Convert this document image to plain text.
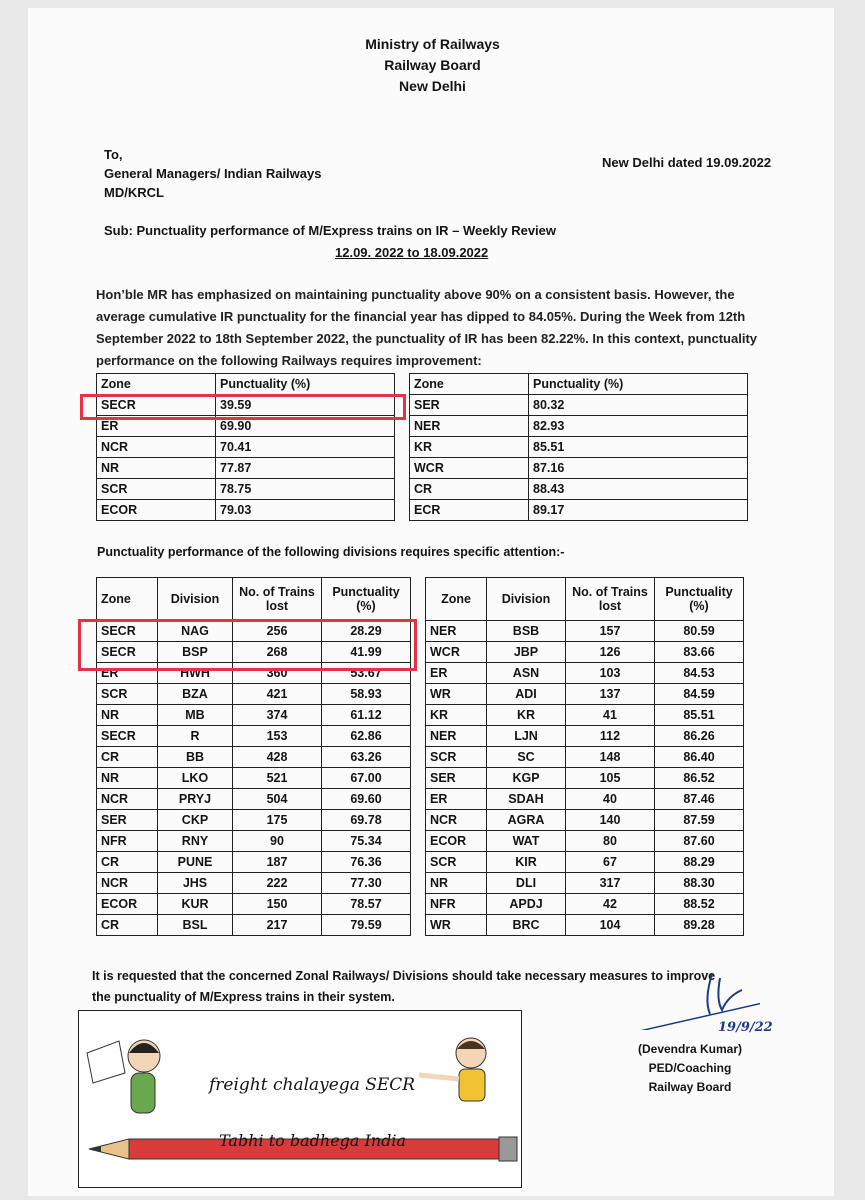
Ministry of Railways
Railway Board
New Delhi
To,
General Managers/ Indian Railways
MD/KRCL
New Delhi dated 19.09.2022
Sub: Punctuality performance of M/Express trains on IR – Weekly Review
12.09. 2022 to 18.09.2022
Hon’ble MR has emphasized on maintaining punctuality above 90% on a consistent basis. However, the average cumulative IR punctuality for the financial year has dipped to 84.05%. During the Week from 12th September 2022 to 18th September 2022, the punctuality of IR has been 82.22%. In this context, punctuality performance on the following Railways requires improvement:
Zone	Punctuality (%)		Zone	Punctuality (%)
SECR	39.59		SER	80.32
ER	69.90		NER	82.93
NCR	70.41		KR	85.51
NR	77.87		WCR	87.16
SCR	78.75		CR	88.43
ECOR	79.03		ECR	89.17
Punctuality performance of the following divisions requires specific attention:-
Zone	Division	No. of Trains lost	Punctuality (%)		Zone	Division	No. of Trains lost	Punctuality (%)
SECR	NAG	256	28.29		NER	BSB	157	80.59
SECR	BSP	268	41.99		WCR	JBP	126	83.66
ER	HWH	360	53.67		ER	ASN	103	84.53
SCR	BZA	421	58.93		WR	ADI	137	84.59
NR	MB	374	61.12		KR	KR	41	85.51
SECR	R	153	62.86		NER	LJN	112	86.26
CR	BB	428	63.26		SCR	SC	148	86.40
NR	LKO	521	67.00		SER	KGP	105	86.52
NCR	PRYJ	504	69.60		ER	SDAH	40	87.46
SER	CKP	175	69.78		NCR	AGRA	140	87.59
NFR	RNY	90	75.34		ECOR	WAT	80	87.60
CR	PUNE	187	76.36		SCR	KIR	67	88.29
NCR	JHS	222	77.30		NR	DLI	317	88.30
ECOR	KUR	150	78.57		NFR	APDJ	42	88.52
CR	BSL	217	79.59		WR	BRC	104	89.28
It is requested that the concerned Zonal Railways/ Divisions should take necessary measures to improve the punctuality of M/Express trains in their system.
freight chalayega SECR
Tabhi to badhega India
19/9/22
(Devendra Kumar)
PED/Coaching
Railway Board
